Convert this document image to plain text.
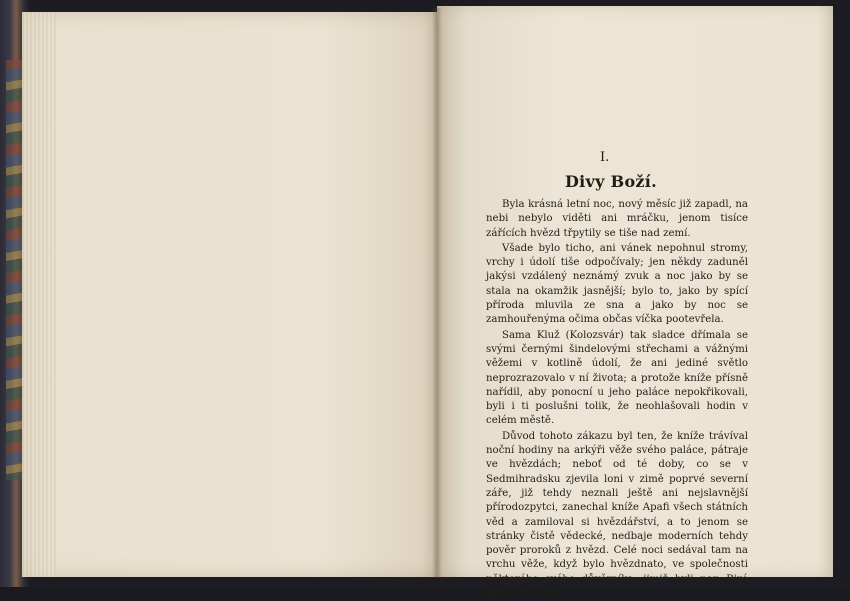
I.
Divy Boží.

Byla krásná letní noc, nový měsíc již zapadl, na nebi nebylo viděti ani mráčku, jenom tisíce zářících hvězd třpytily se tiše nad zemí.

Všade bylo ticho, ani vánek nepohnul stromy, vrchy i údolí tiše odpočívaly; jen někdy zaduněl jakýsi vzdálený neznámý zvuk a noc jako by se stala na okamžik jasnější; bylo to, jako by spící příroda mluvila ze sna a jako by noc se zamhouřenýma očima občas víčka pootevřela.

Sama Kluž (Kolozsvár) tak sladce dřímala se svými černými šindelovými střechami a vážnými věžemi v kotlině údolí, že ani jediné světlo neprozrazovalo v ní života; a protože kníže přísně nařídil, aby ponocní u jeho paláce nepokřikovali, byli i ti poslušni tolik, že neohlašovali hodin v celém městě.

Důvod tohoto zákazu byl ten, že kníže trávíval noční hodiny na arkýři věže svého paláce, pátraje ve hvězdách; neboť od té doby, co se v Sedmihradsku zjevila loni v zimě poprvé severní záře, již tehdy neznali ještě ani nejslavnější přírodozpytci, zanechal kníže Apafi všech státních věd a zamiloval si hvězdářství, a to jenom se stránky čistě vědecké, nedbaje moderních tehdy pověr proroků z hvězd. Celé noci sedával tam na vrchu věže, když bylo hvězdnato, ve společnosti některého svého důvěrníka, jimiž byli pan Biró János (= Jánoš,
